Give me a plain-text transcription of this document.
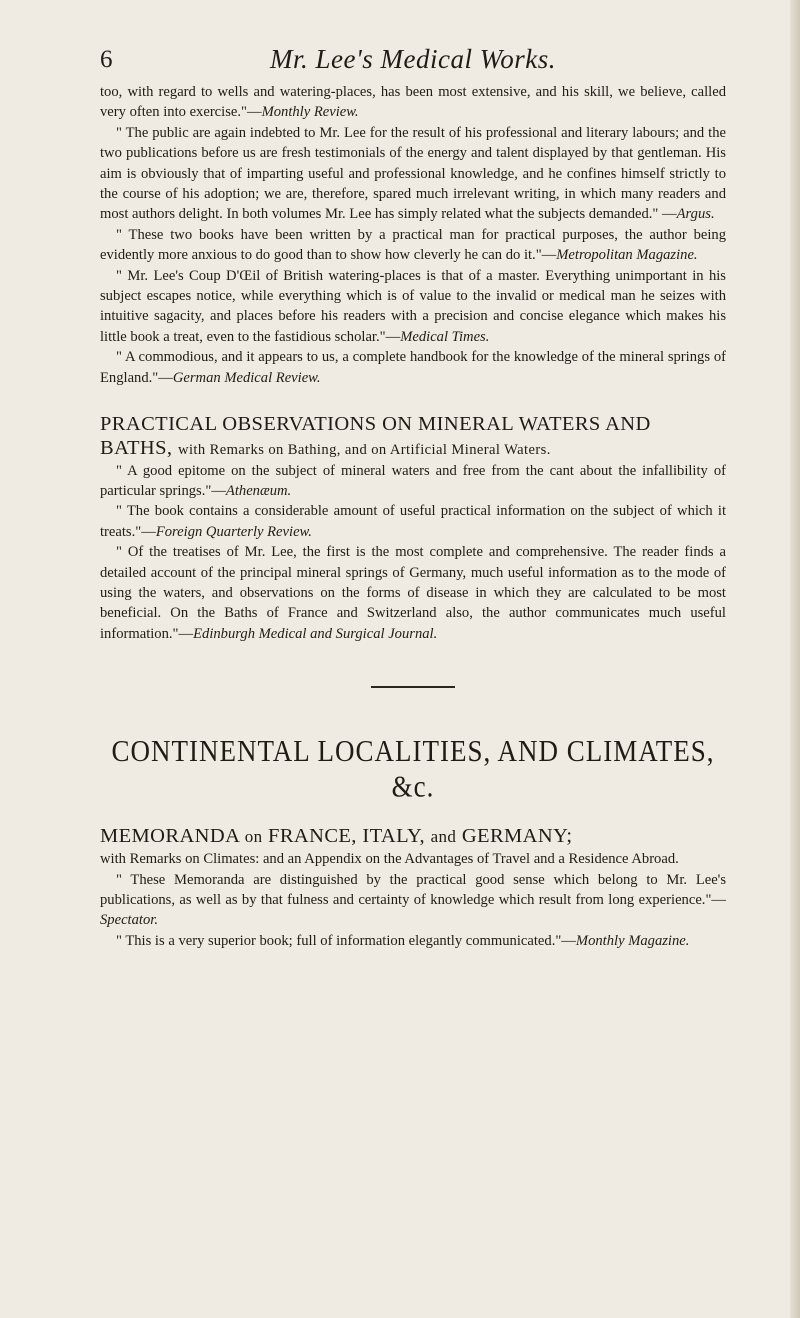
6	Mr. Lee's Medical Works.

too, with regard to wells and watering-places, has been most extensive, and his skill, we believe, called very often into exercise."—Monthly Review.

" The public are again indebted to Mr. Lee for the result of his professional and literary labours; and the two publications before us are fresh testimonials of the energy and talent displayed by that gentleman. His aim is obviously that of imparting useful and professional knowledge, and he confines himself strictly to the course of his adoption; we are, therefore, spared much irrelevant writing, in which many readers and most authors delight. In both volumes Mr. Lee has simply related what the subjects demanded." —Argus.

" These two books have been written by a practical man for practical purposes, the author being evidently more anxious to do good than to show how cleverly he can do it."—Metropolitan Magazine.

" Mr. Lee's Coup D'Œil of British watering-places is that of a master. Everything unimportant in his subject escapes notice, while everything which is of value to the invalid or medical man he seizes with intuitive sagacity, and places before his readers with a precision and concise elegance which makes his little book a treat, even to the fastidious scholar."—Medical Times.

" A commodious, and it appears to us, a complete handbook for the knowledge of the mineral springs of England."—German Medical Review.

PRACTICAL OBSERVATIONS ON MINERAL WATERS AND BATHS, with Remarks on Bathing, and on Artificial Mineral Waters.

" A good epitome on the subject of mineral waters and free from the cant about the infallibility of particular springs."—Athenæum.

" The book contains a considerable amount of useful practical information on the subject of which it treats."—Foreign Quarterly Review.

" Of the treatises of Mr. Lee, the first is the most complete and comprehensive. The reader finds a detailed account of the principal mineral springs of Germany, much useful information as to the mode of using the waters, and observations on the forms of disease in which they are calculated to be most beneficial. On the Baths of France and Switzerland also, the author communicates much useful information."—Edinburgh Medical and Surgical Journal.

CONTINENTAL LOCALITIES, AND CLIMATES, &c.

MEMORANDA on FRANCE, ITALY, and GERMANY;

with Remarks on Climates: and an Appendix on the Advantages of Travel and a Residence Abroad.

" These Memoranda are distinguished by the practical good sense which belong to Mr. Lee's publications, as well as by that fulness and certainty of knowledge which result from long experience."—Spectator.

" This is a very superior book; full of information elegantly communicated."—Monthly Magazine.
